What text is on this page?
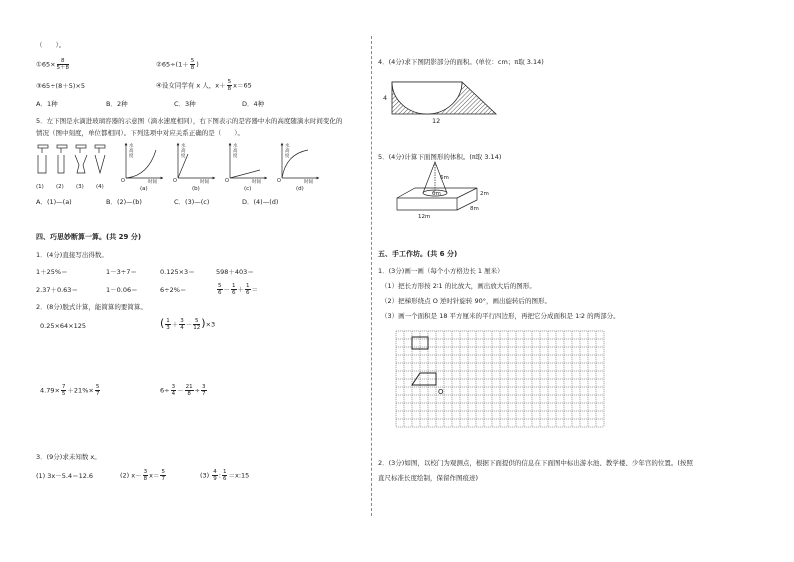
（　　）。
①65× $\frac{8}{5+8}$	②65÷(1＋ $\frac{5}{8}$ )
③65÷(8＋5)×5	④设女同学有 x 人，$x+ \frac{5}{8} x=65$
A．1种	B．2种	C．3种	D．4种
5．左下图是水滴进玻璃容器的示意图（滴水速度相同），右下图表示的是容器中水的高度随滴水时间变化的
情况（图中刻度，单位都相同）。下列选项中对应关系正确的是（　　）。
(1) (2) (3) (4)
水高度
水高度
水高度
水高度
时间	时间	时间	时间
O	O	O	O
(a)	(b)	(c)	(d)
A．(1)—(a)	B．(2)—(b)	C．(3)—(c)	D．(4)—(d)
四、巧思妙断算一算。(共 29 分)
1．(4分)直接写出得数。
1＋25%＝	1－3÷7＝	0.125×3＝	598＋403＝
2.37＋0.63＝	1－0.06＝	6÷2%＝	$\frac{5}{6} - \frac{1}{6} + \frac{1}{6}$ ＝
2．(8分)脱式计算，能简算的要简算。
0.25×64×125	( $\frac{1}{3} + \frac{3}{4} - \frac{5}{12} )\times 3$
$4.79\times \frac{7}{5} +21\%\times \frac{5}{7}$	$6\div \frac{3}{4} - \frac{21}{8} \div \frac{3}{7}$
3．(9分)求未知数 x。
(1) 3x－5.4＝12.6	(2) $x- \frac{3}{8} x= \frac{5}{7}$	$(3) \frac{4}{9}$ : $\frac{1}{6}$ ＝x:15
4．(4分)求下图阴影部分的面积。(单位：cm；π取 3.14)
4
12
5．(4分)计算下面图形的体积。(π取 3.14)
6m
6m	2m
8m
12m
五、手工作坊。(共 6 分)
1．(3分)画一画（每个小方格边长 1 厘米）
（1）把长方形按 2∶1 的比放大，画出放大后的图形。
（2）把梯形绕点 O 逆时针旋转 90°，画出旋转后的图形。
（3）画一个面积是 18 平方厘米的平行四边形，再把它分成面积是 1∶2 的两部分。
O
2．(3分)如图，以校门为观测点，根据下面提供的信息在下面图中标出游水池、教学楼、少年宫的位置。(按照
直尺标准长度绘制，保留作图痕迹)
